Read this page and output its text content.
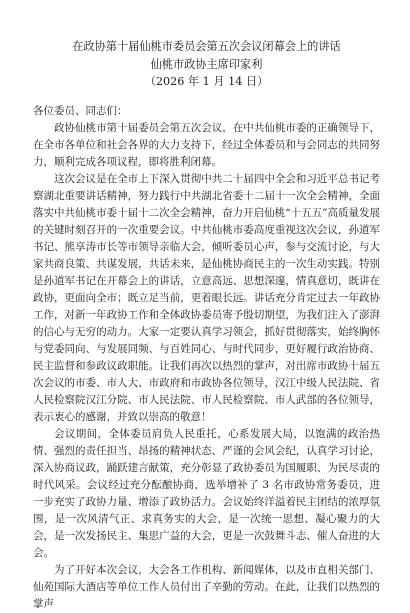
在政协第十届仙桃市委员会第五次会议闭幕会上的讲话
仙桃市政协主席印家利
（2026 年 1 月 14 日）
各位委员、同志们：

政协仙桃市第十届委员会第五次会议，在中共仙桃市委的正确领导下，在全市各单位和社会各界的大力支持下，经过全体委员和与会同志的共同努力，顺利完成各项议程，即将胜利闭幕。

这次会议是在全市上下深入贯彻中共二十届四中全会和习近平总书记考察湖北重要讲话精神，努力践行中共湖北省委十二届十一次全会精神，全面落实中共仙桃市委十届十二次全会精神，奋力开启仙桃“十五五”高质量发展的关键时刻召开的一次重要会议。中共仙桃市委高度重视这次会议，孙道军书记、熊享涛市长等市领导亲临大会，倾听委员心声，参与交流讨论，与大家共商良策、共谋发展，共话未来，是仙桃协商民主的一次生动实践。特别是孙道军书记在开幕会上的讲话，立意高远、思想深邃，情真意切，既讲在政协，更面向全市；既立足当前，更着眼长远。讲话充分肯定过去一年政协工作，对新一年政协工作和全体政协委员寄予殷切期望，为我们注入了澎湃的信心与无穷的动力。大家一定要认真学习领会，抓好贯彻落实，始终胸怀与党委同向、与发展同频、与百姓同心、与时代同步，更好履行政治协商、民主监督和参政议政职能。让我们再次以热烈的掌声，对出席市政协十届五次会议的市委、市人大、市政府和市政协各位领导，汉江中级人民法院、省人民检察院汉江分院、市人民法院、市人民检察院、市人武部的各位领导，表示衷心的感谢，并致以崇高的敬意！

会议期间，全体委员肩负人民重托，心系发展大局，以饱满的政治热情、强烈的责任担当、昂扬的精神状态、严谨的会风会纪，认真学习讨论，深入协商议政，踊跃建言献策，充分彰显了政协委员为国履职、为民尽责的时代风采。会议经过充分酝酿协商，选举增补了 3 名市政协常务委员，进一步充实了政协力量、增添了政协活力。会议始终洋溢着民主团结的浓厚氛围，是一次风清气正、求真务实的大会，是一次统一思想、凝心聚力的大会，是一次发扬民主、集思广益的大会，更是一次鼓舞斗志、催人奋进的大会。

为了开好本次会议，大会各工作机构、新闻媒体，以及市直相关部门、仙苑国际大酒店等单位工作人员付出了辛勤的劳动。在此，让我们以热烈的掌声
